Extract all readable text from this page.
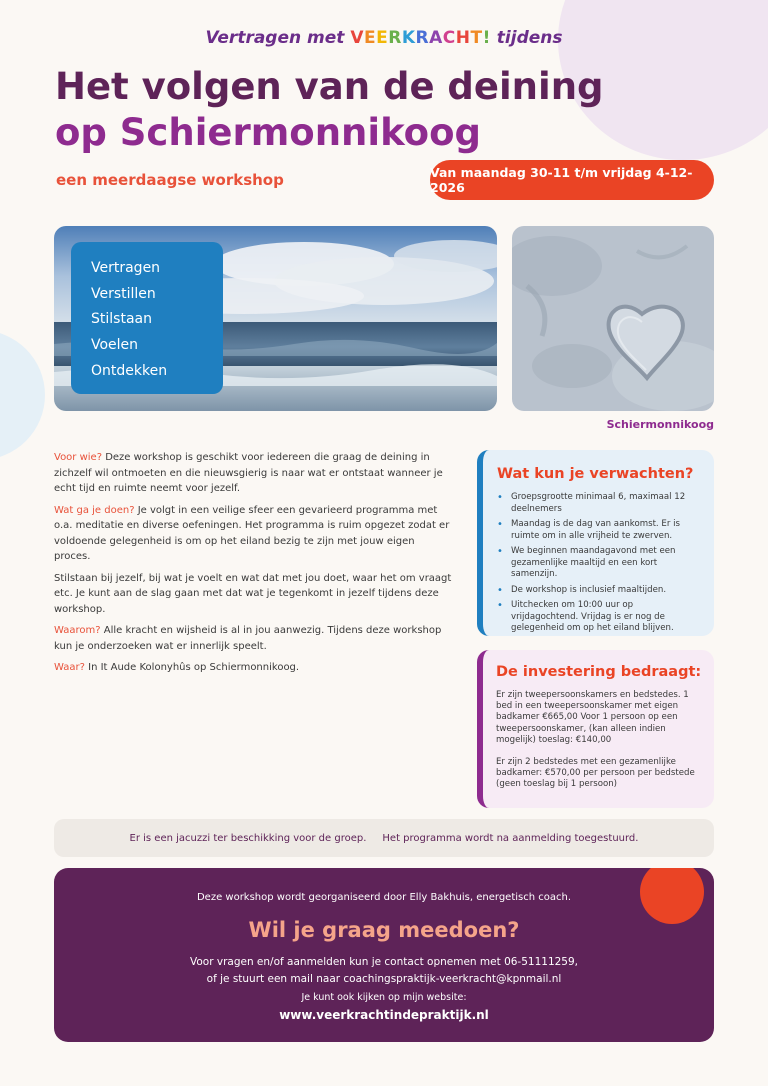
Vertragen met VEERKRACHT! tijdens
Het volgen van de deining
op Schiermonnikoog
een meerdaagse workshop	Van maandag 30-11 t/m vrijdag 4-12-2026
Vertragen
Verstillen
Stilstaan
Voelen
Ontdekken
Schiermonnikoog

Voor wie? Deze workshop is geschikt voor iedereen die graag de deining in zichzelf wil ontmoeten en die nieuwsgierig is naar wat er ontstaat wanneer je echt tijd en ruimte neemt voor jezelf.

Wat ga je doen? Je volgt in een veilige sfeer een gevarieerd programma met o.a. meditatie en diverse oefeningen. Het programma is ruim opgezet zodat er voldoende gelegenheid is om op het eiland bezig te zijn met jouw eigen proces.

Stilstaan bij jezelf, bij wat je voelt en wat dat met jou doet, waar het om vraagt etc. Je kunt aan de slag gaan met dat wat je tegenkomt in jezelf tijdens deze workshop.

Waarom? Alle kracht en wijsheid is al in jou aanwezig. Tijdens deze workshop kun je onderzoeken wat er innerlijk speelt.

Waar? In It Aude Kolonyhûs op Schiermonnikoog.

Wat kun je verwachten?
• Groepsgrootte minimaal 6, maximaal 12 deelnemers
• Maandag is de dag van aankomst. Er is ruimte om in alle vrijheid te zwerven.
• We beginnen maandagavond met een gezamenlijke maaltijd en een kort samenzijn.
• De workshop is inclusief maaltijden.
• Uitchecken om 10:00 uur op vrijdagochtend. Vrijdag is er nog de gelegenheid om op het eiland blijven.
De investering bedraagt:

Er zijn tweepersoonskamers en bedstedes. 1 bed in een tweepersoonskamer met eigen badkamer €665,00 Voor 1 persoon op een tweepersoonskamer, (kan alleen indien mogelijk) toeslag: €140,00

Er zijn 2 bedstedes met een gezamenlijke badkamer: €570,00 per persoon per bedstede (geen toeslag bij 1 persoon)

Er is een jacuzzi ter beschikking voor de groep. Het programma wordt na aanmelding toegestuurd.
Deze workshop wordt georganiseerd door Elly Bakhuis, energetisch coach.
Wil je graag meedoen?
Voor vragen en/of aanmelden kun je contact opnemen met 06-51111259,
of je stuurt een mail naar coachingspraktijk-veerkracht@kpnmail.nl
Je kunt ook kijken op mijn website:
www.veerkrachtindepraktijk.nl
